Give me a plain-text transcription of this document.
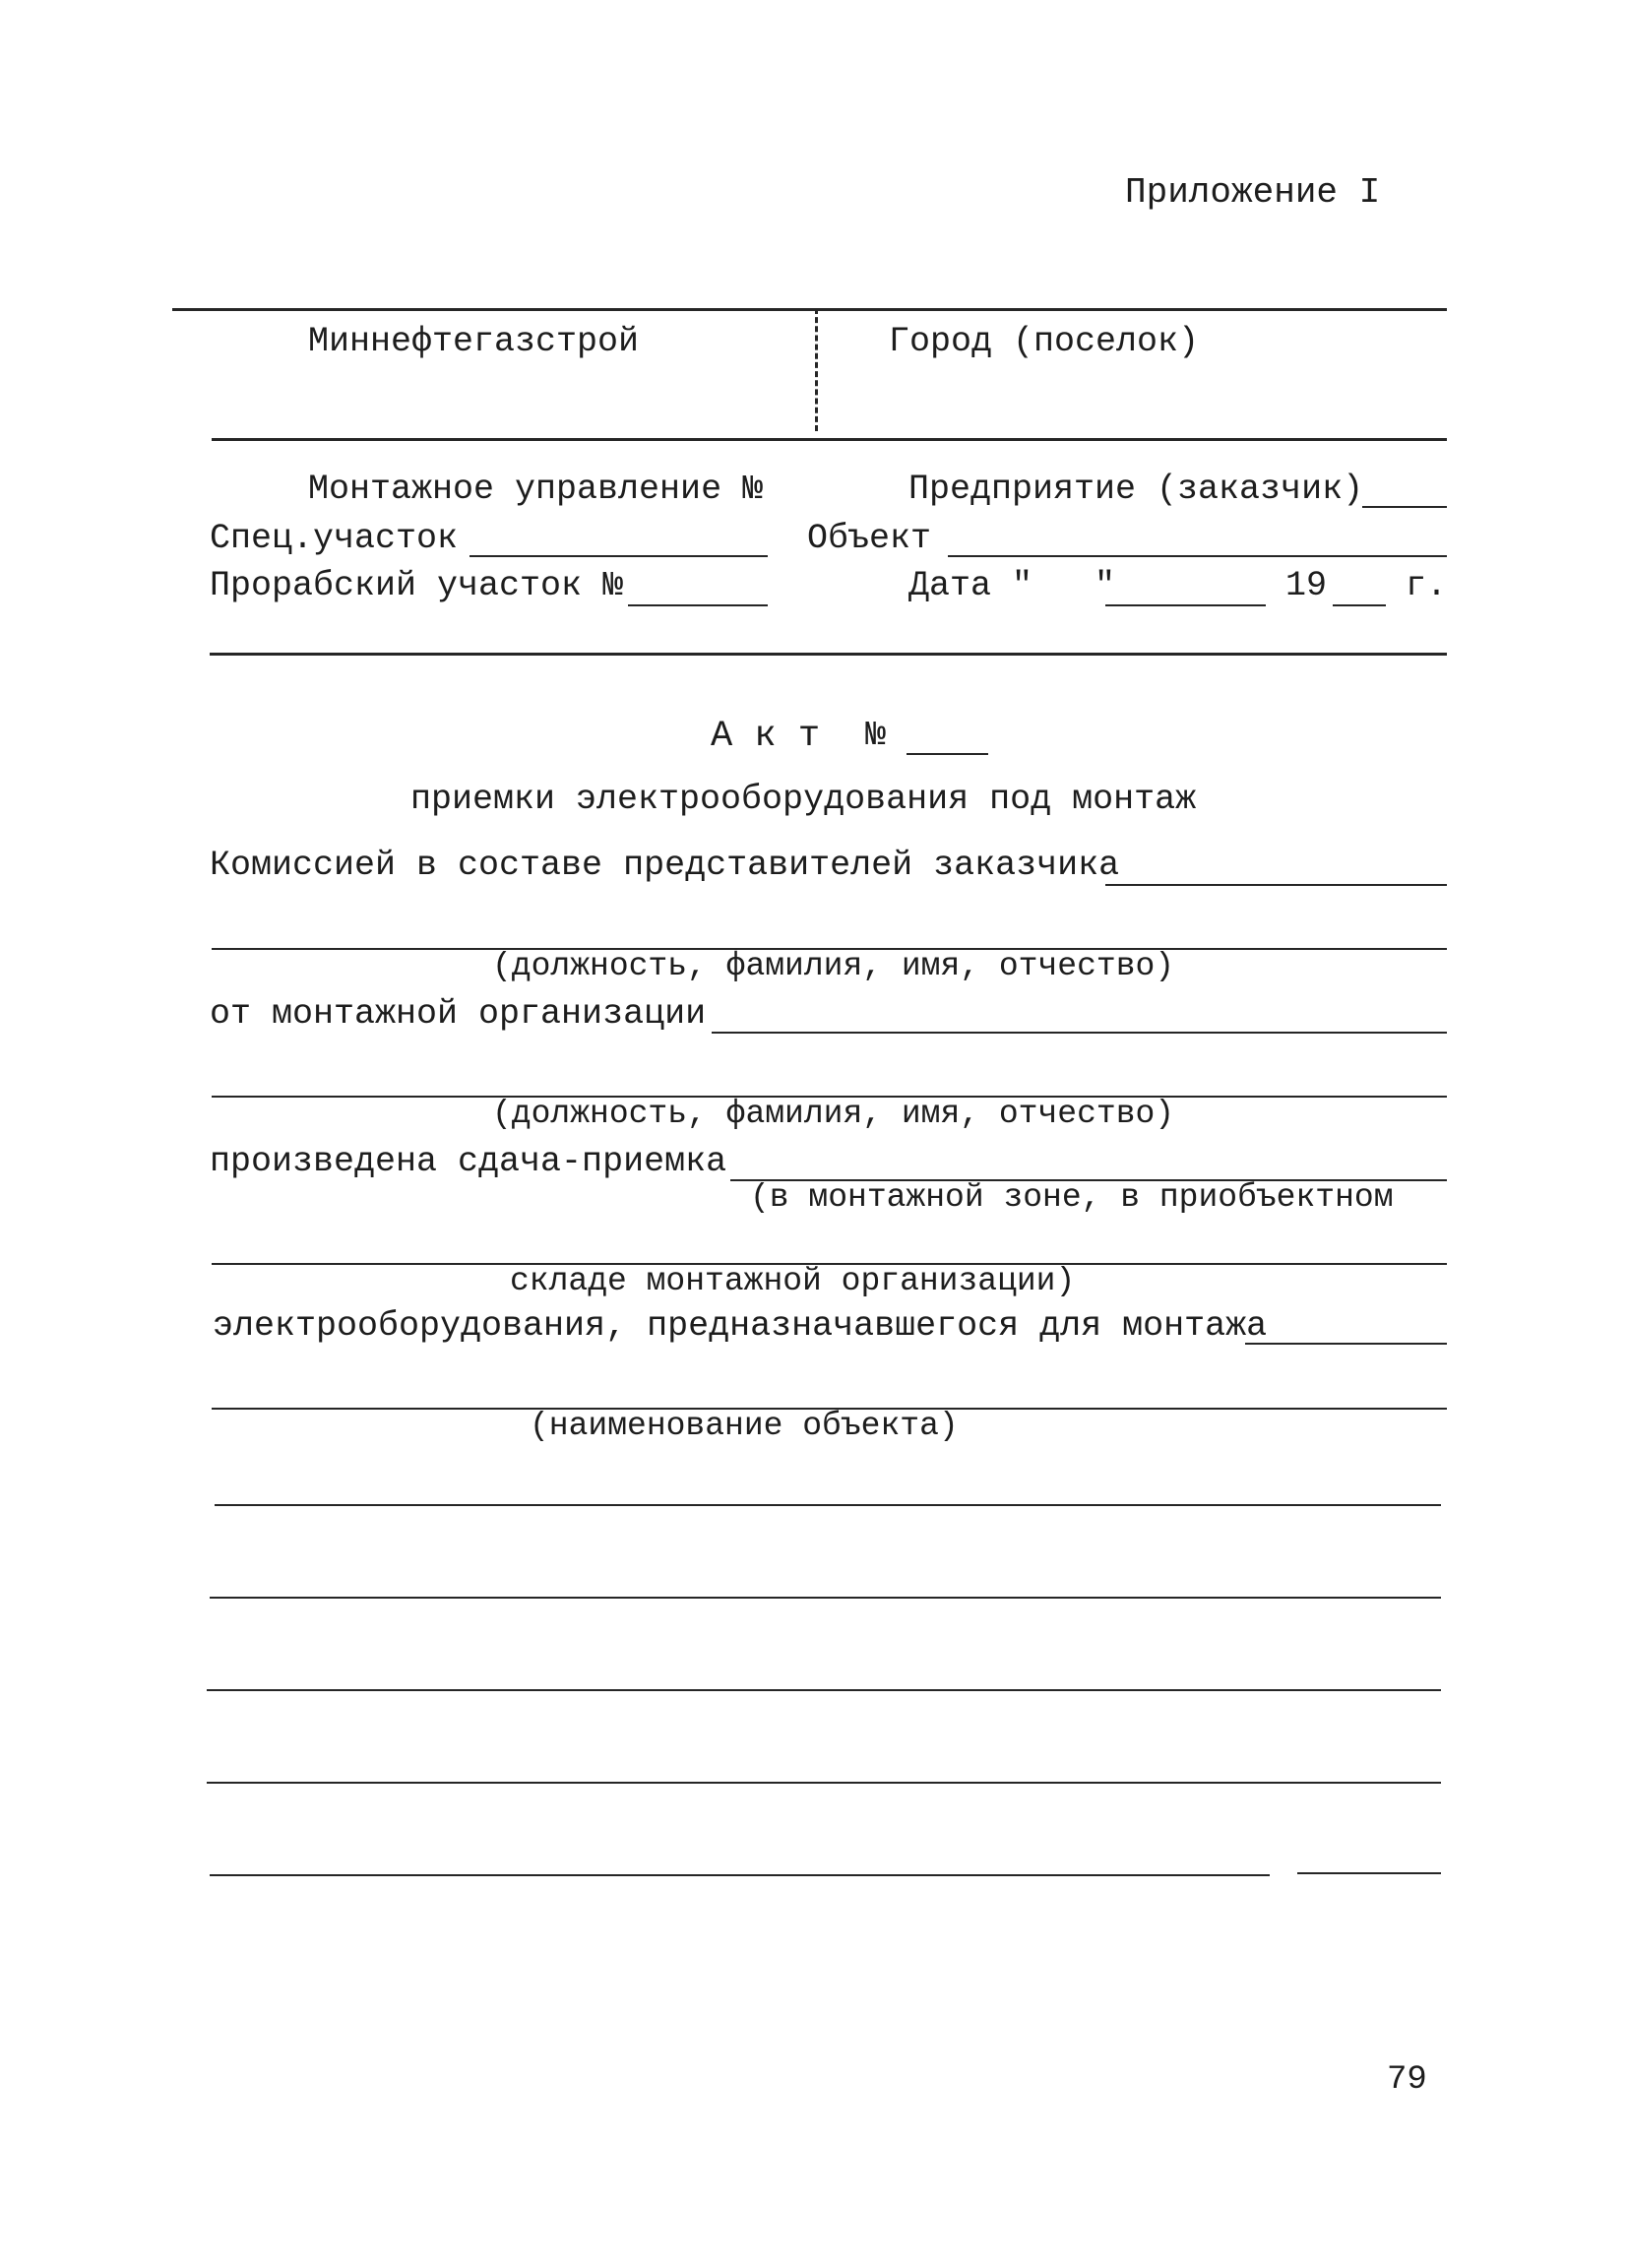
Приложение I
Миннефтегазстрой	Город (поселок)
Монтажное управление №	Предприятие (заказчик)
Спец.участок	Объект
Прорабский участок №	Дата "   "	19 г.
А к т №
приемки электрооборудования под монтаж
Комиссией в составе представителей заказчика
(должность, фамилия, имя, отчество)
от монтажной организации
(должность, фамилия, имя, отчество)
произведена сдача-приемка
(в монтажной зоне, в приобъектном
складе монтажной организации)
электрооборудования, предназначавшегося для монтажа
(наименование объекта)
79
